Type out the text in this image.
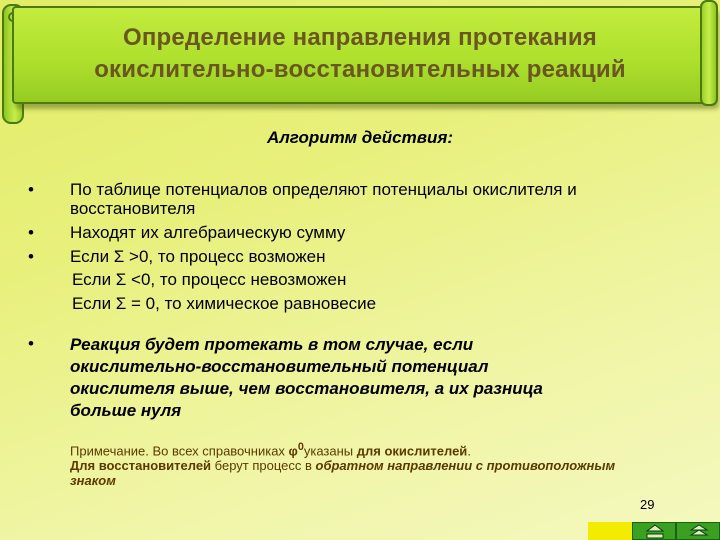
Определение направления протекания
окислительно-восстановительных реакций
Алгоритм действия:
• По таблице потенциалов определяют потенциалы окислителя и
восстановителя
• Находят их алгебраическую сумму
• Если Σ >0, то процесс возможен
Если Σ <0, то процесс невозможен
Если Σ = 0, то химическое равновесие
• Реакция будет протекать в том случае, если
окислительно-восстановительный потенциал
окислителя выше, чем восстановителя, а их разница
больше нуля
Примечание. Во всех справочниках $\varphi^0указаны$ для окислителей.
Для восстановителей берут процесс в обратном направлении с противоположным знаком
29
